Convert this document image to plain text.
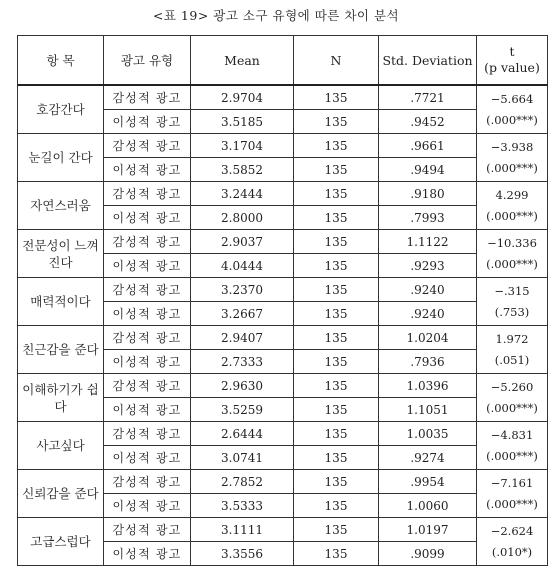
<표 19> 광고 소구 유형에 따른 차이 분석
항 목	광고 유형	Mean	N	Std. Deviation	t
(p value)

호감간다	감성적 광고	2.9704	135	.7721	−5.664
(.000***)

	이성적 광고	3.5185	135	.9452	
눈길이 간다	감성적 광고	3.1704	135	.9661	−3.938
(.000***)

	이성적 광고	3.5852	135	.9494	
자연스러움	감성적 광고	3.2444	135	.9180	4.299
(.000***)

	이성적 광고	2.8000	135	.7993	
전문성이 느껴진다	감성적 광고	2.9037	135	1.1122	−10.336
(.000***)

	이성적 광고	4.0444	135	.9293	
매력적이다	감성적 광고	3.2370	135	.9240	−.315
(.753)

	이성적 광고	3.2667	135	.9240	
친근감을 준다	감성적 광고	2.9407	135	1.0204	1.972
(.051)

	이성적 광고	2.7333	135	.7936	
이해하기가 쉽다	감성적 광고	2.9630	135	1.0396	−5.260
(.000***)

	이성적 광고	3.5259	135	1.1051	
사고싶다	감성적 광고	2.6444	135	1.0035	−4.831
(.000***)

	이성적 광고	3.0741	135	.9274	
신뢰감을 준다	감성적 광고	2.7852	135	.9954	−7.161
(.000***)

	이성적 광고	3.5333	135	1.0060	
고급스럽다	감성적 광고	3.1111	135	1.0197	−2.624
(.010*)

	이성적 광고	3.3556	135	.9099	
